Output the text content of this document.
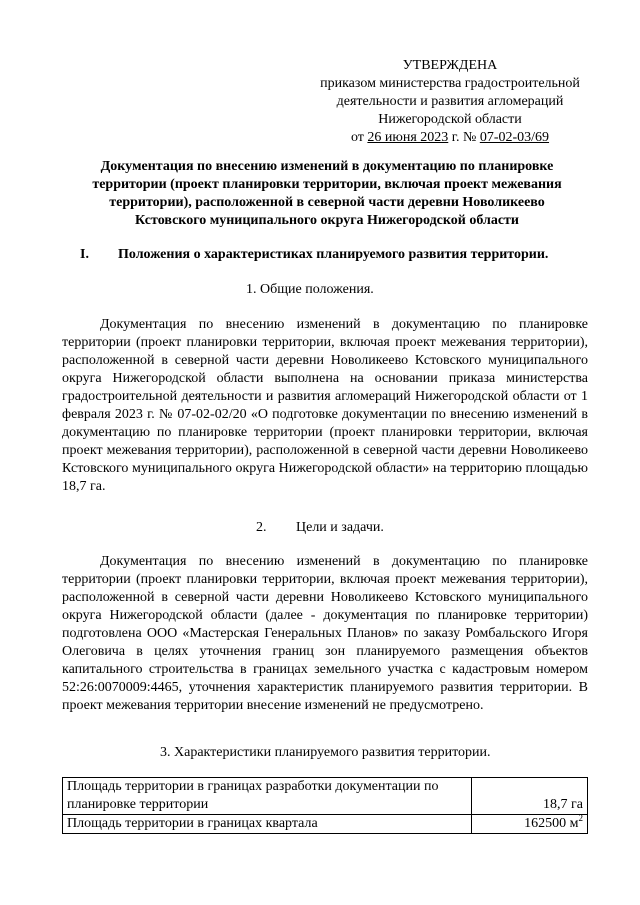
УТВЕРЖДЕНА
приказом министерства градостроительной
деятельности и развития агломераций
Нижегородской области
от 26 июня 2023 г. № 07-02-03/69
Документация по внесению изменений в документацию по планировке
территории (проект планировки территории, включая проект межевания
территории), расположенной в северной части деревни Новоликеево
Кстовского муниципального округа Нижегородской области
I. Положения о характеристиках планируемого развития территории.
1. Общие положения.

Документация по внесению изменений в документацию по планировке территории (проект планировки территории, включая проект межевания территории), расположенной в северной части деревни Новоликеево Кстовского муниципального округа Нижегородской области выполнена на основании приказа министерства градостроительной деятельности и развития агломераций Нижегородской области от 1 февраля 2023 г. № 07-02-02/20 «О подготовке документации по внесению изменений в документацию по планировке территории (проект планировки территории, включая проект межевания территории), расположенной в северной части деревни Новоликеево Кстовского муниципального округа Нижегородской области» на территорию площадью 18,7 га.

2. Цели и задачи.

Документация по внесению изменений в документацию по планировке территории (проект планировки территории, включая проект межевания территории), расположенной в северной части деревни Новоликеево Кстовского муниципального округа Нижегородской области (далее - документация по планировке территории) подготовлена ООО «Мастерская Генеральных Планов» по заказу Ромбальского Игоря Олеговича в целях уточнения границ зон планируемого размещения объектов капитального строительства в границах земельного участка с кадастровым номером 52:26:0070009:4465, уточнения характеристик планируемого развития территории. В проект межевания территории внесение изменений не предусмотрено.

3. Характеристики планируемого развития территории.
Площадь территории в границах разработки документации по планировке территории	18,7 га
Площадь территории в границах квартала	162500 $м^2$
